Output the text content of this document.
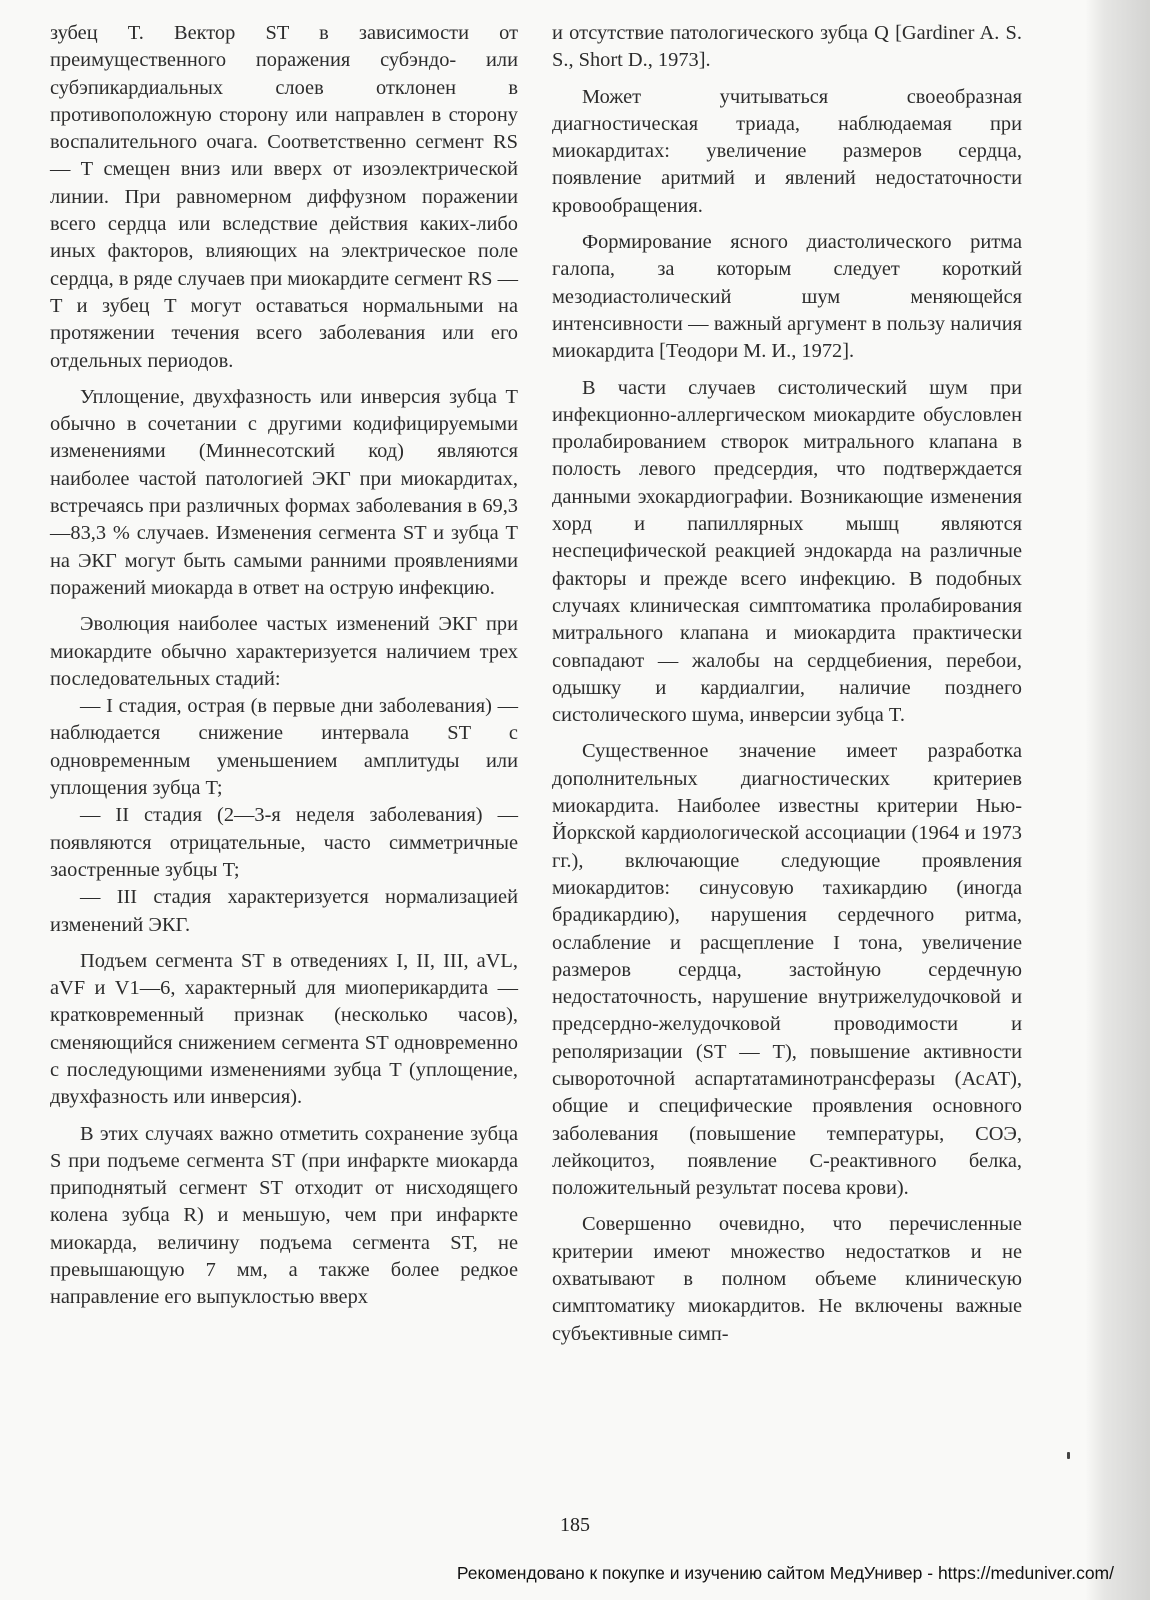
зубец T. Вектор ST в зависимости от преимущественного поражения субэндо- или субэпикардиальных слоев отклонен в противоположную сторону или направлен в сторону воспалительного очага. Соответственно сегмент RS — T смещен вниз или вверх от изоэлектрической линии. При равномерном диффузном поражении всего сердца или вследствие действия каких-либо иных факторов, влияющих на электрическое поле сердца, в ряде случаев при миокардите сегмент RS — T и зубец T могут оставаться нормальными на протяжении течения всего заболевания или его отдельных периодов.

Уплощение, двухфазность или инверсия зубца T обычно в сочетании с другими кодифицируемыми изменениями (Миннесотский код) являются наиболее частой патологией ЭКГ при миокардитах, встречаясь при различных формах заболевания в 69,3—83,3 % случаев. Изменения сегмента ST и зубца T на ЭКГ могут быть самыми ранними проявлениями поражений миокарда в ответ на острую инфекцию.

Эволюция наиболее частых изменений ЭКГ при миокардите обычно характеризуется наличием трех последовательных стадий:

— I стадия, острая (в первые дни заболевания) — наблюдается снижение интервала ST с одновременным уменьшением амплитуды или уплощения зубца T;

— II стадия (2—3-я неделя заболевания) — появляются отрицательные, часто симметричные заостренные зубцы T;

— III стадия характеризуется нормализацией изменений ЭКГ.

Подъем сегмента ST в отведениях I, II, III, aVL, aVF и V1—6, характерный для миоперикардита — кратковременный признак (несколько часов), сменяющийся снижением сегмента ST одновременно с последующими изменениями зубца T (уплощение, двухфазность или инверсия).

В этих случаях важно отметить сохранение зубца S при подъеме сегмента ST (при инфаркте миокарда приподнятый сегмент ST отходит от нисходящего колена зубца R) и меньшую, чем при инфаркте миокарда, величину подъема сегмента ST, не превышающую 7 мм, а также более редкое направление его выпуклостью вверх

и отсутствие патологического зубца Q [Gardiner A. S. S., Short D., 1973].

Может учитываться своеобразная диагностическая триада, наблюдаемая при миокардитах: увеличение размеров сердца, появление аритмий и явлений недостаточности кровообращения.

Формирование ясного диастолического ритма галопа, за которым следует короткий мезодиастолический шум меняющейся интенсивности — важный аргумент в пользу наличия миокардита [Теодори М. И., 1972].

В части случаев систолический шум при инфекционно-аллергическом миокардите обусловлен пролабированием створок митрального клапана в полость левого предсердия, что подтверждается данными эхокардиографии. Возникающие изменения хорд и папиллярных мышц являются неспецифической реакцией эндокарда на различные факторы и прежде всего инфекцию. В подобных случаях клиническая симптоматика пролабирования митрального клапана и миокардита практически совпадают — жалобы на сердцебиения, перебои, одышку и кардиалгии, наличие позднего систолического шума, инверсии зубца T.

Существенное значение имеет разработка дополнительных диагностических критериев миокардита. Наиболее известны критерии Нью-Йоркской кардиологической ассоциации (1964 и 1973 гг.), включающие следующие проявления миокардитов: синусовую тахикардию (иногда брадикардию), нарушения сердечного ритма, ослабление и расщепление I тона, увеличение размеров сердца, застойную сердечную недостаточность, нарушение внутрижелудочковой и предсердно-желудочковой проводимости и реполяризации (ST — T), повышение активности сывороточной аспартатаминотрансферазы (АсАТ), общие и специфические проявления основного заболевания (повышение температуры, СОЭ, лейкоцитоз, появление С-реактивного белка, положительный результат посева крови).

Совершенно очевидно, что перечисленные критерии имеют множество недостатков и не охватывают в полном объеме клиническую симптоматику миокардитов. Не включены важные субъективные симп-

185
Рекомендовано к покупке и изучению сайтом МедУнивер - https://meduniver.com/
